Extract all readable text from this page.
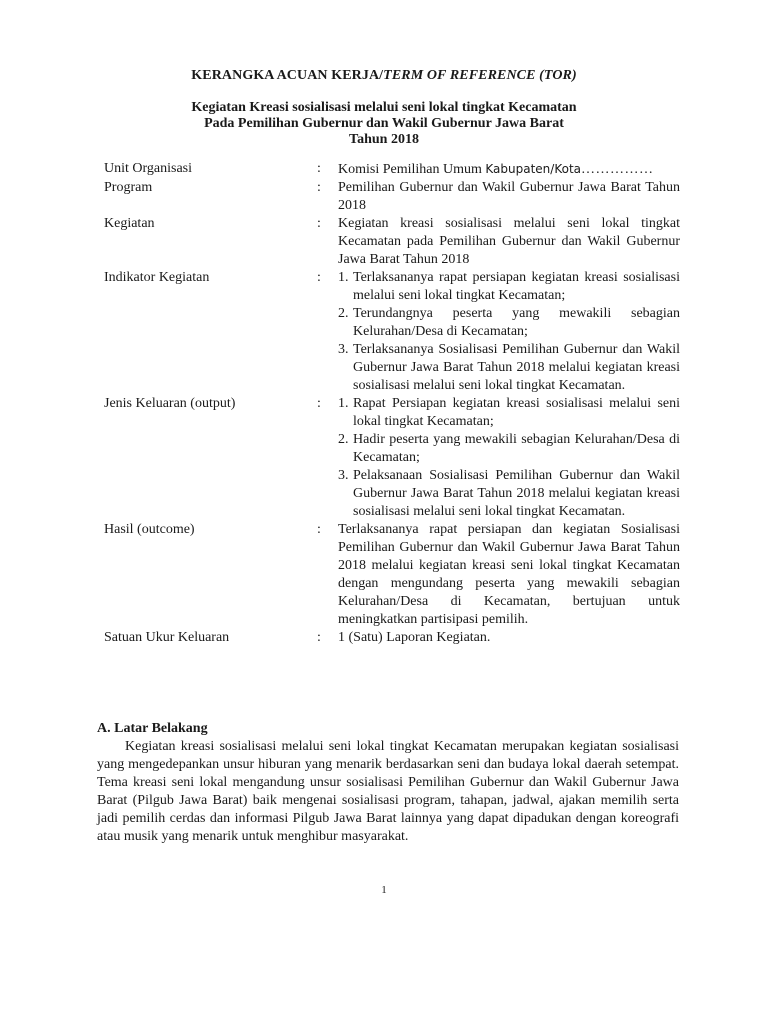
KERANGKA ACUAN KERJA/TERM OF REFERENCE (TOR)
Kegiatan Kreasi sosialisasi melalui seni lokal tingkat Kecamatan
Pada Pemilihan Gubernur dan Wakil Gubernur Jawa Barat
Tahun 2018
Unit Organisasi	:	Komisi Pemilihan Umum Kabupaten/Kota……………
Program	:	Pemilihan Gubernur dan Wakil Gubernur Jawa Barat Tahun 2018
Kegiatan	:	Kegiatan kreasi sosialisasi melalui seni lokal tingkat Kecamatan pada Pemilihan Gubernur dan Wakil Gubernur Jawa Barat Tahun 2018
Indikator Kegiatan	:	1. Terlaksananya rapat persiapan kegiatan kreasi sosialisasi melalui seni lokal tingkat Kecamatan;
2. Terundangnya peserta yang mewakili sebagian Kelurahan/Desa di Kecamatan;
3. Terlaksananya Sosialisasi Pemilihan Gubernur dan Wakil Gubernur Jawa Barat Tahun 2018 melalui kegiatan kreasi sosialisasi melalui seni lokal tingkat Kecamatan.
Jenis Keluaran (output)	:	1. Rapat Persiapan kegiatan kreasi sosialisasi melalui seni lokal tingkat Kecamatan;
2. Hadir peserta yang mewakili sebagian Kelurahan/Desa di Kecamatan;
3. Pelaksanaan Sosialisasi Pemilihan Gubernur dan Wakil Gubernur Jawa Barat Tahun 2018 melalui kegiatan kreasi sosialisasi melalui seni lokal tingkat Kecamatan.
Hasil (outcome)	:	Terlaksananya rapat persiapan dan kegiatan Sosialisasi Pemilihan Gubernur dan Wakil Gubernur Jawa Barat Tahun 2018 melalui kegiatan kreasi seni lokal tingkat Kecamatan dengan mengundang peserta yang mewakili sebagian Kelurahan/Desa di Kecamatan, bertujuan untuk meningkatkan partisipasi pemilih.
Satuan Ukur Keluaran	:	1 (Satu) Laporan Kegiatan.
A. Latar Belakang

Kegiatan kreasi sosialisasi melalui seni lokal tingkat Kecamatan merupakan kegiatan sosialisasi yang mengedepankan unsur hiburan yang menarik berdasarkan seni dan budaya lokal daerah setempat. Tema kreasi seni lokal mengandung unsur sosialisasi Pemilihan Gubernur dan Wakil Gubernur Jawa Barat (Pilgub Jawa Barat) baik mengenai sosialisasi program, tahapan, jadwal, ajakan memilih serta jadi pemilih cerdas dan informasi Pilgub Jawa Barat lainnya yang dapat dipadukan dengan koreografi atau musik yang menarik untuk menghibur masyarakat.

1
